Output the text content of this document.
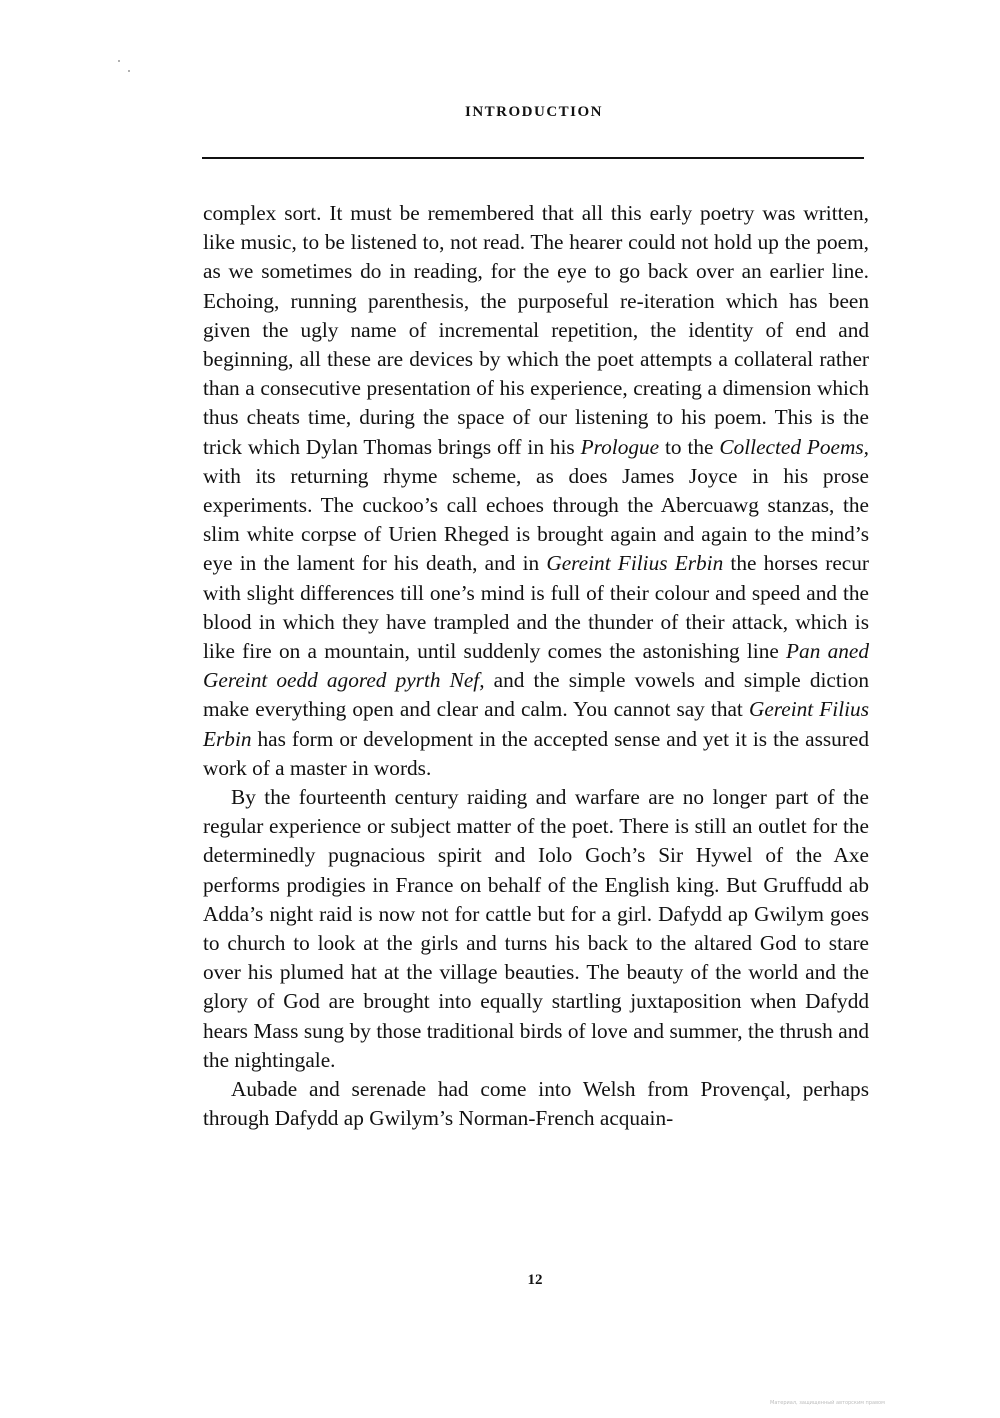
INTRODUCTION

complex sort. It must be remembered that all this early poetry was written, like music, to be listened to, not read. The hearer could not hold up the poem, as we sometimes do in reading, for the eye to go back over an earlier line. Echoing, running parenthesis, the purposeful re-iteration which has been given the ugly name of incremental repetition, the identity of end and beginning, all these are devices by which the poet attempts a collateral rather than a consecutive presentation of his experience, creating a dimension which thus cheats time, during the space of our listening to his poem. This is the trick which Dylan Thomas brings off in his Prologue to the Collected Poems, with its returning rhyme scheme, as does James Joyce in his prose experiments. The cuckoo’s call echoes through the Abercuawg stanzas, the slim white corpse of Urien Rheged is brought again and again to the mind’s eye in the lament for his death, and in Gereint Filius Erbin the horses recur with slight differences till one’s mind is full of their colour and speed and the blood in which they have trampled and the thunder of their attack, which is like fire on a mountain, until suddenly comes the astonishing line Pan aned Gereint oedd agored pyrth Nef, and the simple vowels and simple diction make everything open and clear and calm. You cannot say that Gereint Filius Erbin has form or development in the accepted sense and yet it is the assured work of a master in words.

By the fourteenth century raiding and warfare are no longer part of the regular experience or subject matter of the poet. There is still an outlet for the determinedly pugnacious spirit and Iolo Goch’s Sir Hywel of the Axe performs prodigies in France on behalf of the English king. But Gruffudd ab Adda’s night raid is now not for cattle but for a girl. Dafydd ap Gwilym goes to church to look at the girls and turns his back to the altared God to stare over his plumed hat at the village beauties. The beauty of the world and the glory of God are brought into equally startling juxtaposition when Dafydd hears Mass sung by those traditional birds of love and summer, the thrush and the nightingale.

Aubade and serenade had come into Welsh from Provençal, perhaps through Dafydd ap Gwilym’s Norman-French acquain-

12
Материал, защищенный авторским правом
